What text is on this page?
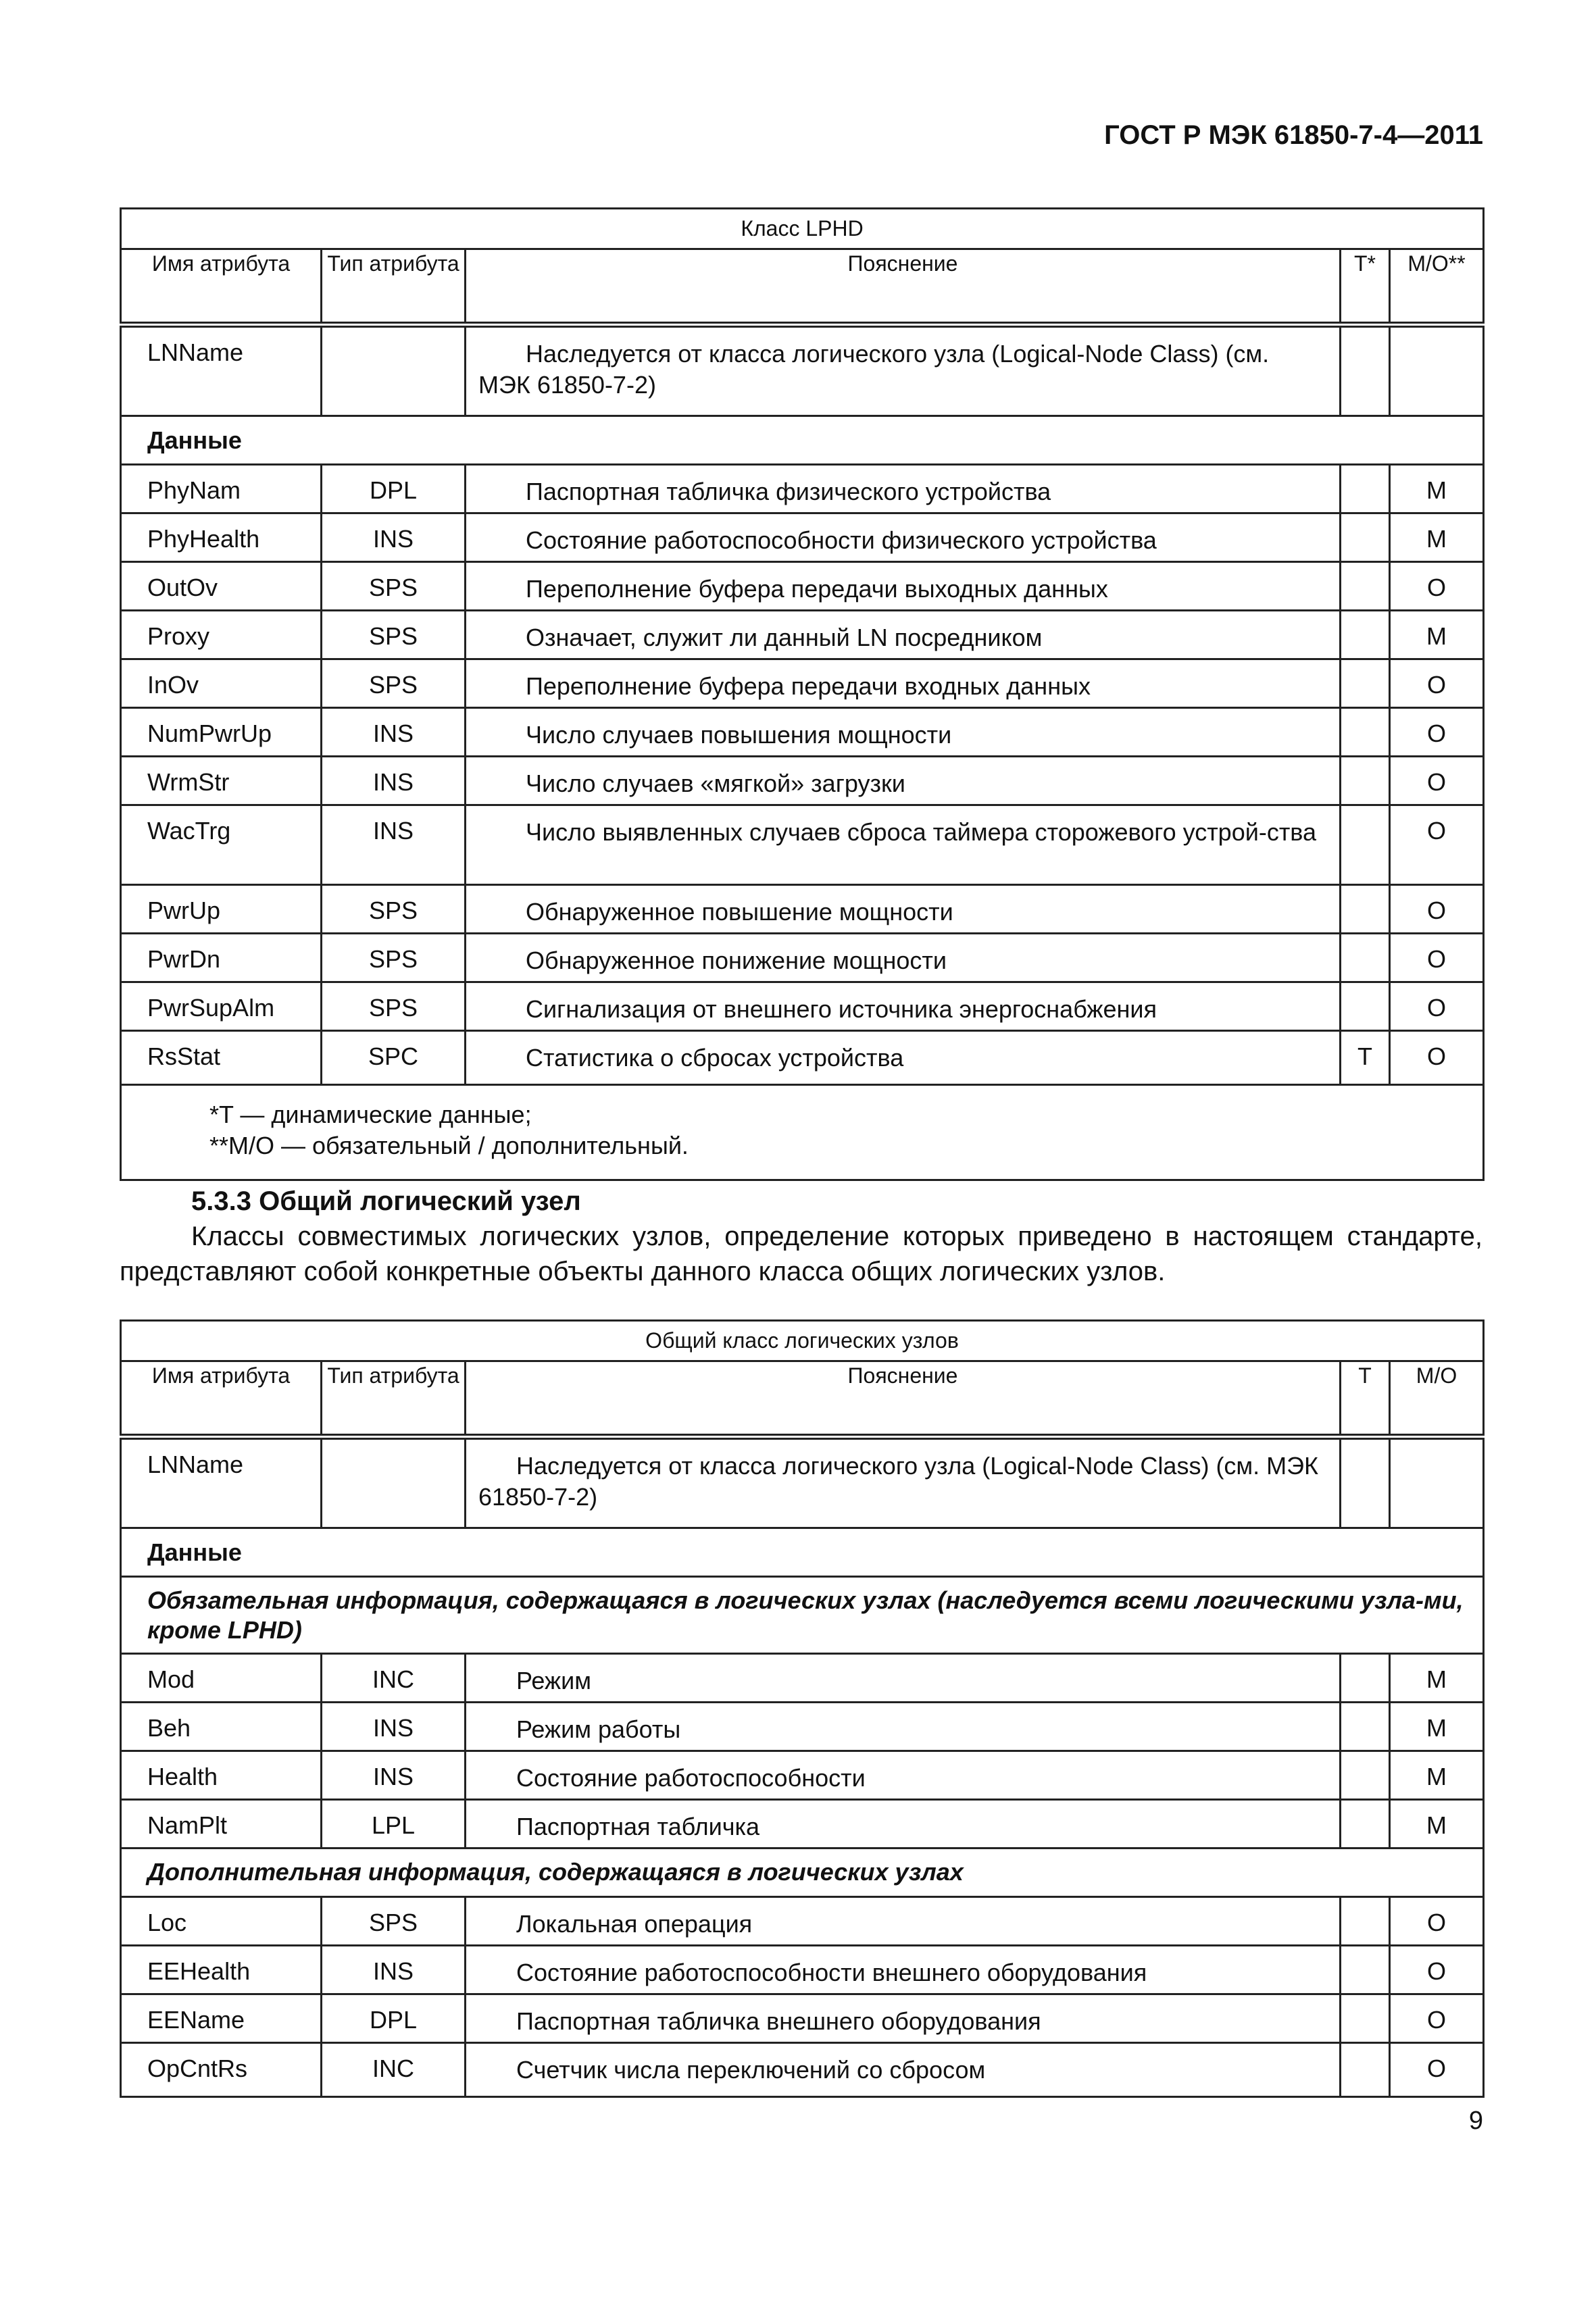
ГОСТ Р МЭК 61850-7-4—2011
Класс LPHD				
Имя атрибута	Тип атрибута	Пояснение	T*	M/O**
LNName		Наследуется от класса логического узла (Logical-Node Class) (см. МЭК 61850-7-2)		
Данные				
PhyNam	DPL	Паспортная табличка физического устройства		M
PhyHealth	INS	Состояние работоспособности физического устройства		M
OutOv	SPS	Переполнение буфера передачи выходных данных		O
Proxy	SPS	Означает, служит ли данный LN посредником		M
InOv	SPS	Переполнение буфера передачи входных данных		O
NumPwrUp	INS	Число случаев повышения мощности		O
WrmStr	INS	Число случаев «мягкой» загрузки		O
WacTrg	INS	Число выявленных случаев сброса таймера сторожевого устрой-ства		O
PwrUp	SPS	Обнаруженное повышение мощности		O
PwrDn	SPS	Обнаруженное понижение мощности		O
PwrSupAlm	SPS	Сигнализация от внешнего источника энергоснабжения		O
RsStat	SPC	Статистика о сбросах устройства	T	O

*T — динамические данные;
**M/O — обязательный / дополнительный.				
5.3.3 Общий логический узел
Классы совместимых логических узлов, определение которых приведено в настоящем стандарте, представляют собой конкретные объекты данного класса общих логических узлов.
Общий класс логических узлов				
Имя атрибута	Тип атрибута	Пояснение	T	M/O
LNName		Наследуется от класса логического узла (Logical-Node Class) (см. МЭК 61850-7-2)		
Данные				
Обязательная информация, содержащаяся в логических узлах (наследуется всеми логическими узла-ми, кроме LPHD)				
Mod	INC	Режим		M
Beh	INS	Режим работы		M
Health	INS	Состояние работоспособности		M
NamPlt	LPL	Паспортная табличка		M
Дополнительная информация, содержащаяся в логических узлах				
Loc	SPS	Локальная операция		O
EEHealth	INS	Состояние работоспособности внешнего оборудования		O
EEName	DPL	Паспортная табличка внешнего оборудования		O
OpCntRs	INC	Счетчик числа переключений со сбросом		O
9
